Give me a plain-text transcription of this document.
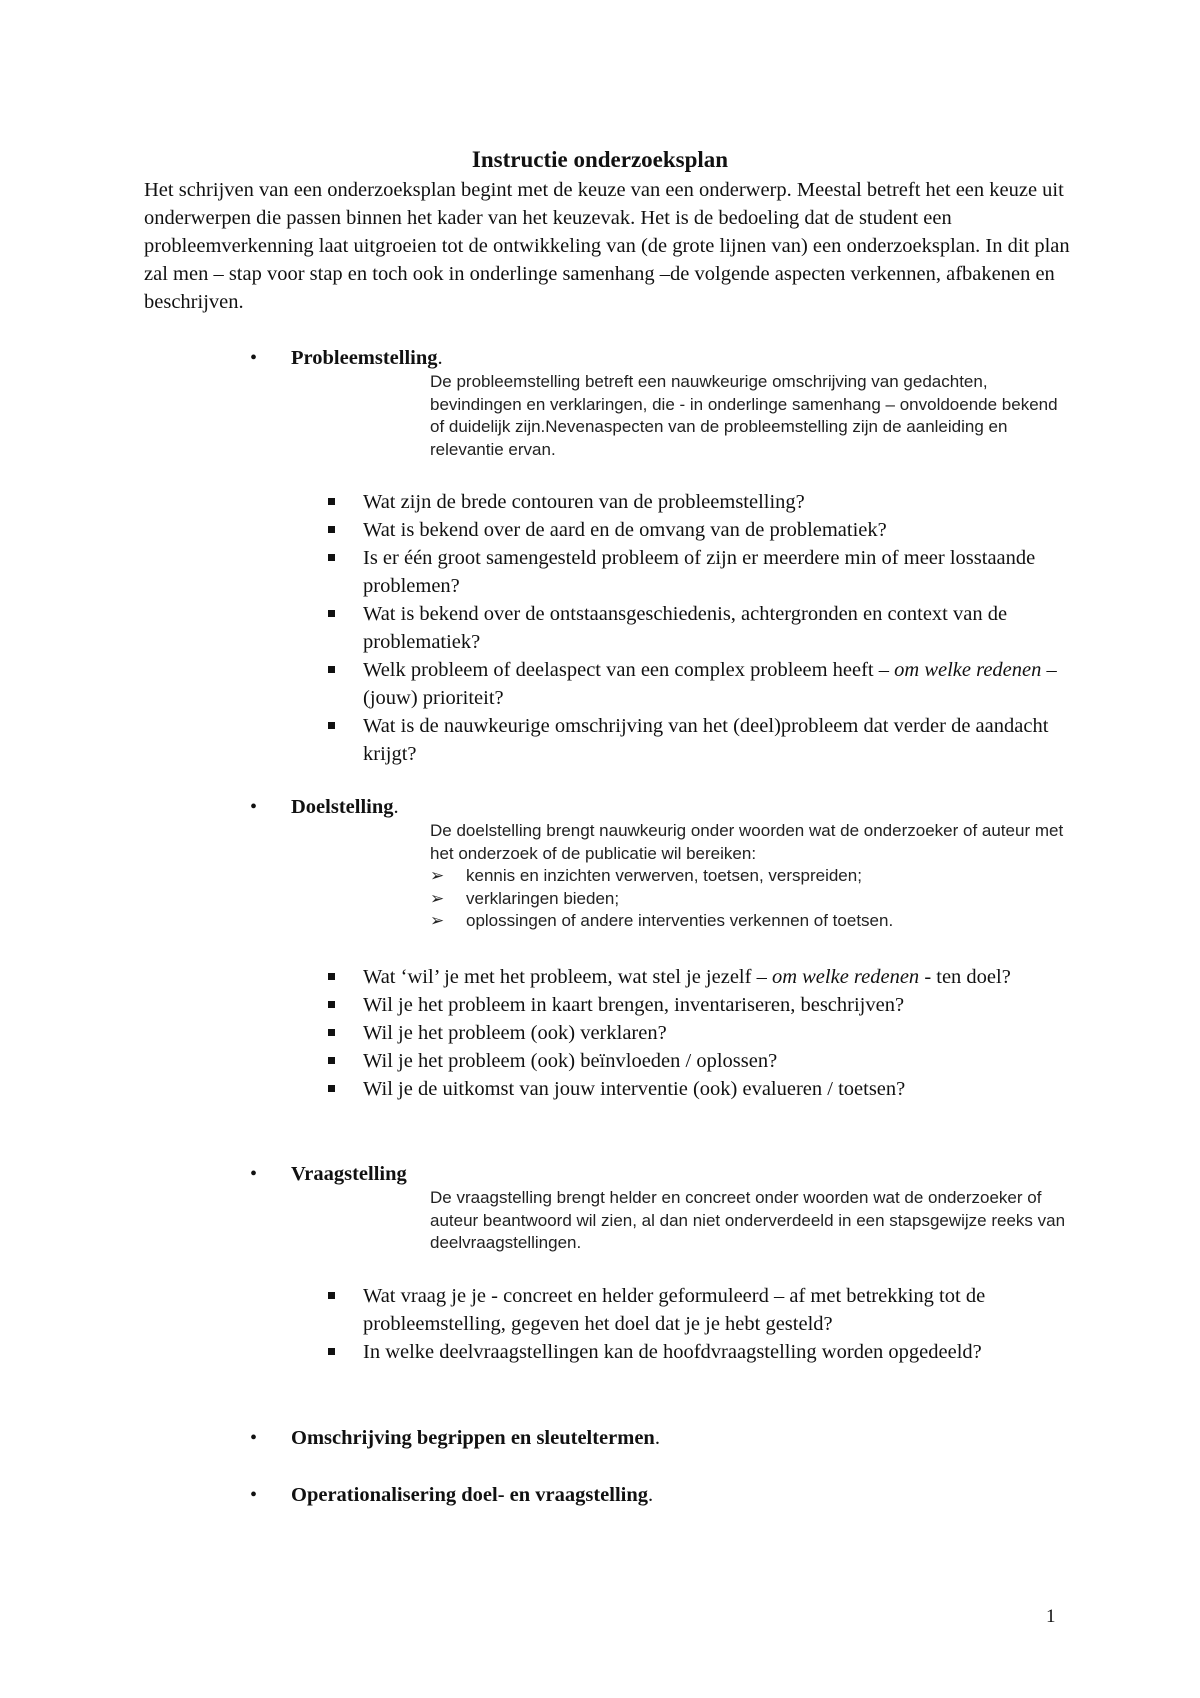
Instructie onderzoeksplan
Het schrijven van een onderzoeksplan begint met de keuze van een onderwerp. Meestal betreft het een keuze uit onderwerpen die passen binnen het kader van het keuzevak. Het is de bedoeling dat de student een probleemverkenning laat uitgroeien tot de ontwikkeling van (de grote lijnen van) een onderzoeksplan. In dit plan zal men – stap voor stap en toch ook in onderlinge samenhang –de volgende aspecten verkennen, afbakenen en beschrijven.
• Probleemstelling.
De probleemstelling betreft een nauwkeurige omschrijving van gedachten, bevindingen en verklaringen, die - in onderlinge samenhang – onvoldoende bekend of duidelijk zijn.Nevenaspecten van de probleemstelling zijn de aanleiding en relevantie ervan.
Wat zijn de brede contouren van de probleemstelling?
Wat is bekend over de aard en de omvang van de problematiek?
Is er één groot samengesteld probleem of zijn er meerdere min of meer losstaande problemen?
Wat is bekend over de ontstaansgeschiedenis, achtergronden en context van de problematiek?
Welk probleem of deelaspect van een complex probleem heeft – om welke redenen – (jouw) prioriteit?
Wat is de nauwkeurige omschrijving van het (deel)probleem dat verder de aandacht krijgt?
• Doelstelling.
De doelstelling brengt nauwkeurig onder woorden wat de onderzoeker of auteur met het onderzoek of de publicatie wil bereiken:
➢ kennis en inzichten verwerven, toetsen, verspreiden;
➢ verklaringen bieden;
➢ oplossingen of andere interventies verkennen of toetsen.
Wat ‘wil’ je met het probleem, wat stel je jezelf – om welke redenen - ten doel?
Wil je het probleem in kaart brengen, inventariseren, beschrijven?
Wil je het probleem (ook) verklaren?
Wil je het probleem (ook) beïnvloeden / oplossen?
Wil je de uitkomst van jouw interventie (ook) evalueren / toetsen?
• Vraagstelling
De vraagstelling brengt helder en concreet onder woorden wat de onderzoeker of auteur beantwoord wil zien, al dan niet onderverdeeld in een stapsgewijze reeks van deelvraagstellingen.
Wat vraag je je - concreet en helder geformuleerd – af met betrekking tot de probleemstelling, gegeven het doel dat je je hebt gesteld?
In welke deelvraagstellingen kan de hoofdvraagstelling worden opgedeeld?
• Omschrijving begrippen en sleuteltermen.
• Operationalisering doel- en vraagstelling.
1
